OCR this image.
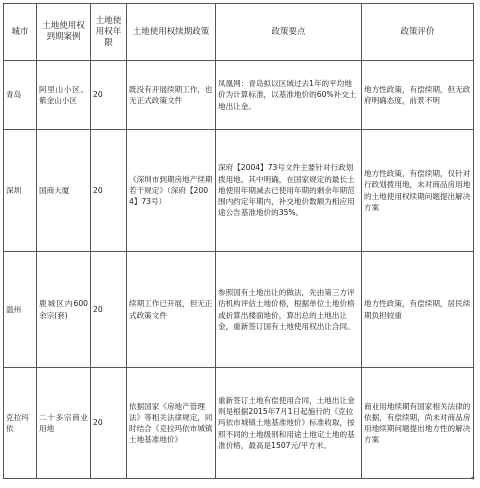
城市	土地使用权到期案例	土地使用权年限	土地使用权续期政策	政策要点	政策评价
青岛	阿里山小区、紫金山小区	20	既没有开展续期工作，也无正式政策文件	凤凰网：青岛拟以区域过去1年的平均地价为计算标准，以基准地价的60%补交土地出让金。	地方性政策，有偿续期，但无政府明确态度，前景不明
深圳	国商大厦	20	《深圳市到期房地产续期若干规定》（深府【2004】73号）	深府【2004】73号文件主要针对行政划拨用地。其中明确，在国家规定的最长土地使用年期减去已使用年期的剩余年期范围内约定年期内，补交地价数额为相应用途公告基准地价的35%。	地方性政策，有偿续期，仅针对行政划拨用地，未对商品房用地的土地使用权续期问题提出解决方案
温州	鹿城区内600余宗(套)	20	续期工作已开展，但无正式政策文件	参照国有土地出让的做法，先由第三方评估机构评估土地价格，根据单位土地价格或折算出楼面地价，算出总的土地出让金，重新签订国有土地使用权出让合同。	地方性政策，有偿续期，居民续期负担较重
克拉玛依	二十多宗商业用地	20	依据国家《房地产管理法》等相关法律规定，同时结合《克拉玛依市城镇土地基准地价》	重新签订土地有偿使用合同，土地出让金则是根据2015年7月1日起施行的《克拉玛依市城镇土地基准地价》标准收取，按照不同的土地级别和用途土地定土地的基准价格，最高是1507元/平方米。	商业用地续期有国家相关法律的依据，有偿续期，尚未对商品房用地续期问题提出地方性的解决方案
+
